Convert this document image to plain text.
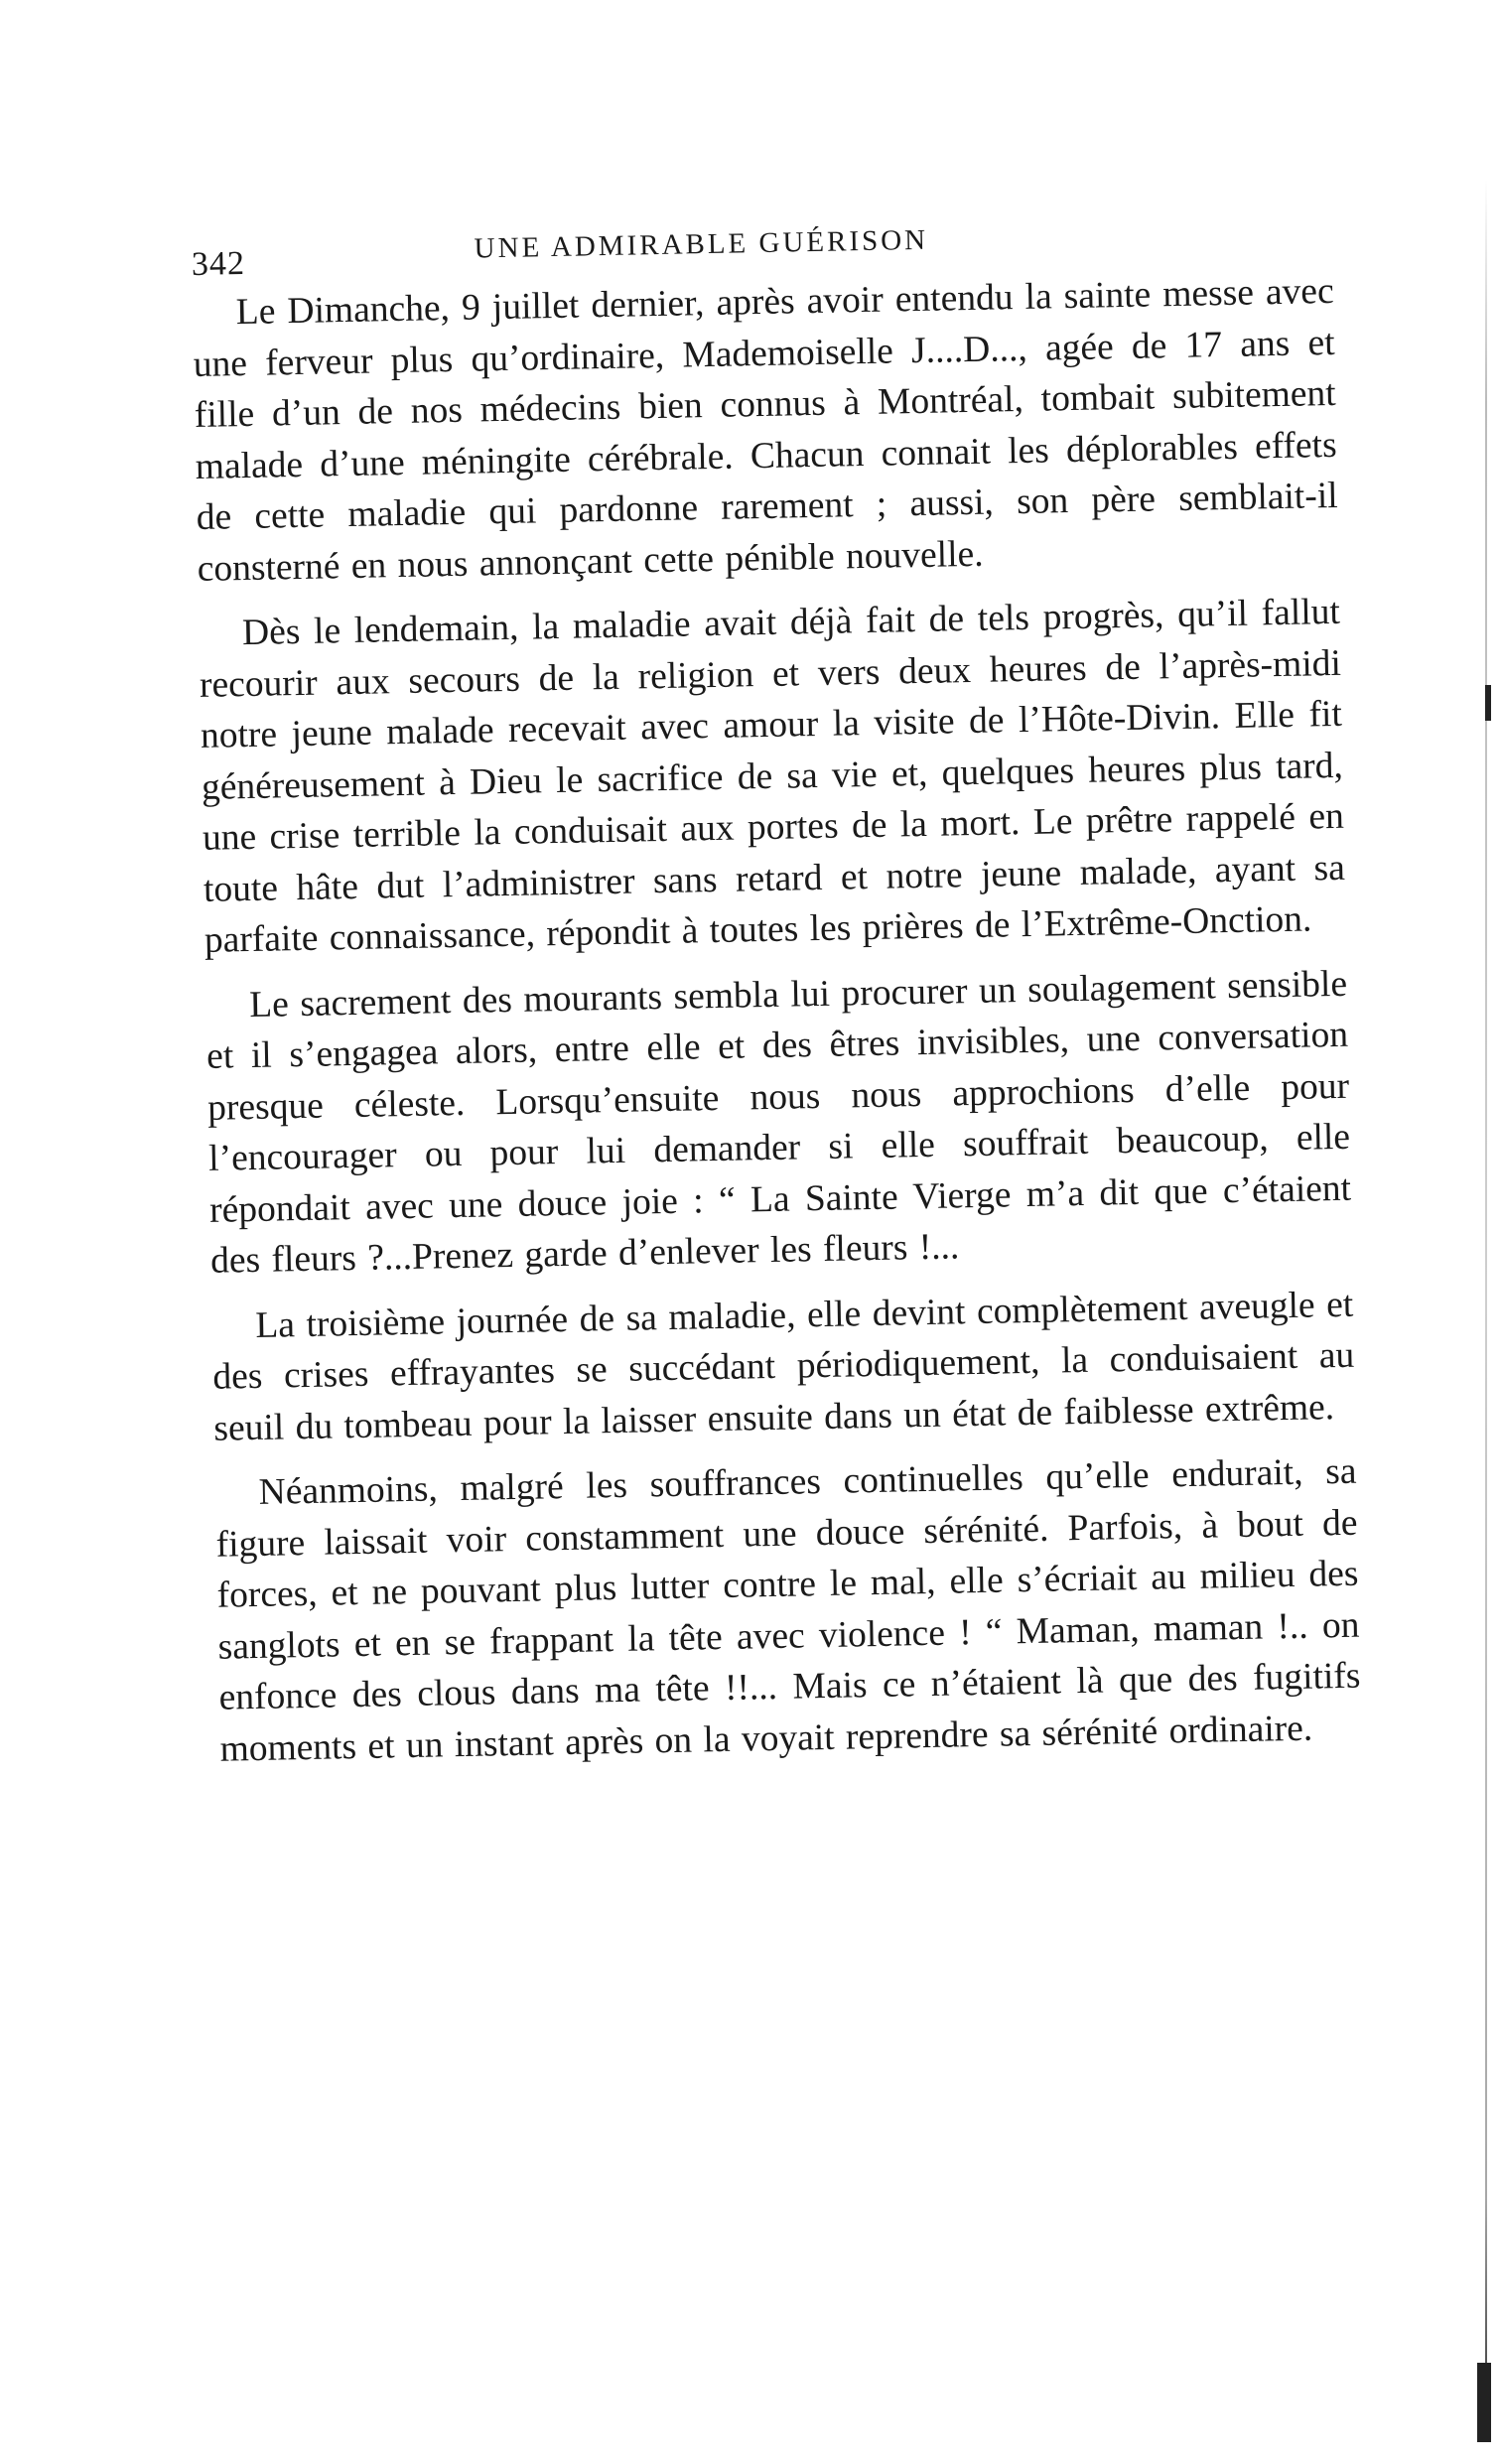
342	UNE ADMIRABLE GUÉRISON

Le Dimanche, 9 juillet dernier, après avoir entendu la sainte messe avec une ferveur plus qu’ordinaire, Mademoiselle J....D..., agée de 17 ans et fille d’un de nos médecins bien connus à Montréal, tombait subitement malade d’une méningite cérébrale. Chacun connait les déplorables effets de cette maladie qui pardonne rarement ; aussi, son père semblait-il consterné en nous annonçant cette pénible nouvelle.

Dès le lendemain, la maladie avait déjà fait de tels progrès, qu’il fallut recourir aux secours de la religion et vers deux heures de l’après-midi notre jeune malade recevait avec amour la visite de l’Hôte-Divin. Elle fit généreusement à Dieu le sacrifice de sa vie et, quelques heures plus tard, une crise terrible la conduisait aux portes de la mort. Le prêtre rappelé en toute hâte dut l’administrer sans retard et notre jeune malade, ayant sa parfaite connaissance, répondit à toutes les prières de l’Extrême-Onction.

Le sacrement des mourants sembla lui procurer un soulagement sensible et il s’engagea alors, entre elle et des êtres invisibles, une conversation presque céleste. Lorsqu’ensuite nous nous approchions d’elle pour l’encourager ou pour lui demander si elle souffrait beaucoup, elle répondait avec une douce joie : “ La Sainte Vierge m’a dit que c’étaient des fleurs ?...Prenez garde d’enlever les fleurs !...

La troisième journée de sa maladie, elle devint complètement aveugle et des crises effrayantes se succédant périodiquement, la conduisaient au seuil du tombeau pour la laisser ensuite dans un état de faiblesse extrême.

Néanmoins, malgré les souffrances continuelles qu’elle endurait, sa figure laissait voir constamment une douce sérénité. Parfois, à bout de forces, et ne pouvant plus lutter contre le mal, elle s’écriait au milieu des sanglots et en se frappant la tête avec violence ! “ Maman, maman !.. on enfonce des clous dans ma tête !!... Mais ce n’étaient là que des fugitifs moments et un instant après on la voyait reprendre sa sérénité ordinaire.
